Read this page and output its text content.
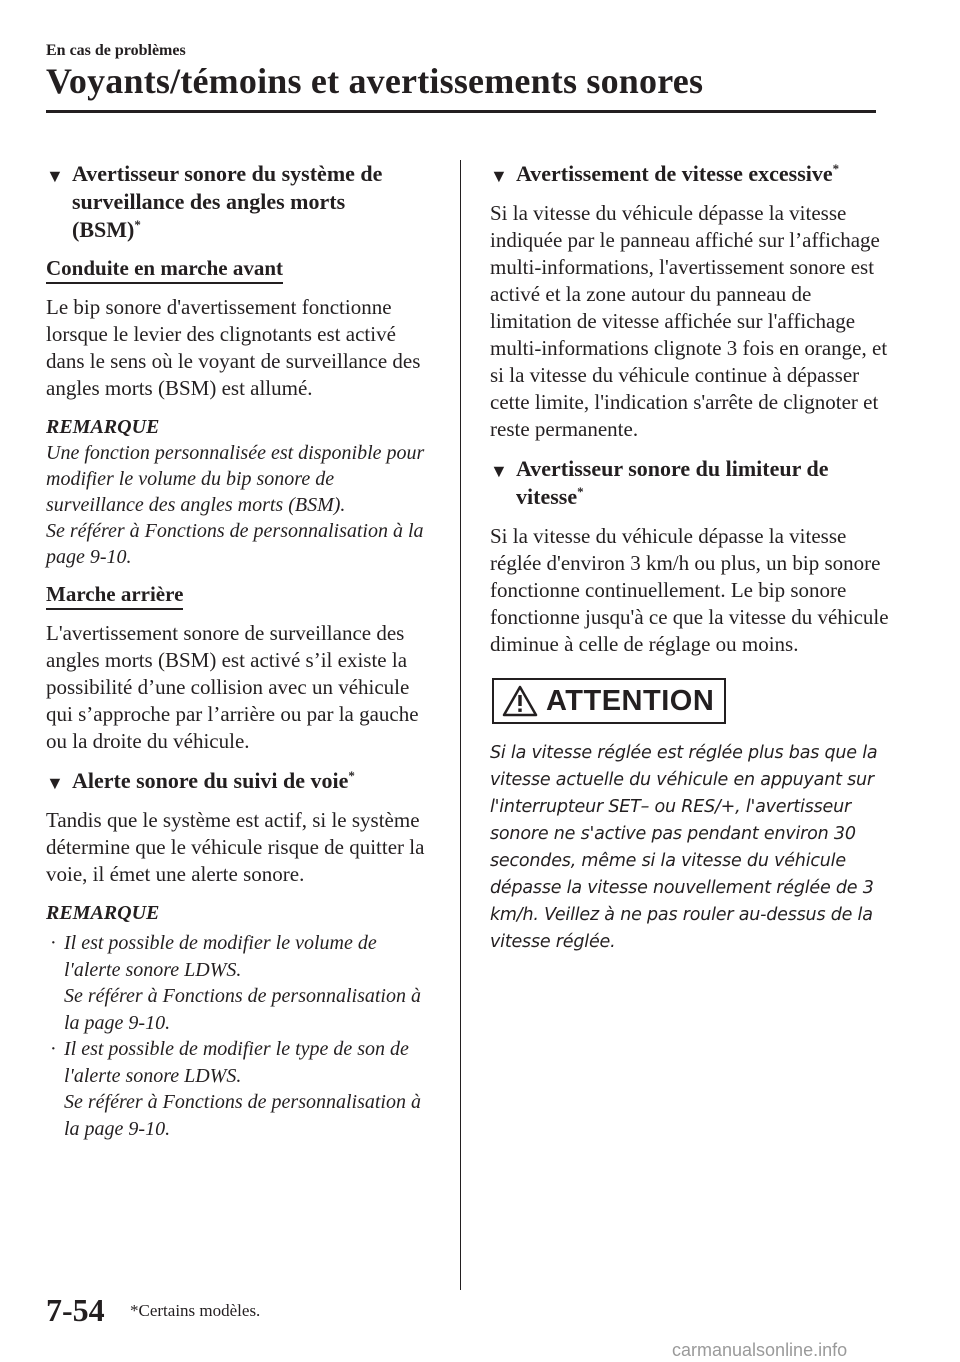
En cas de problèmes
Voyants/témoins et avertissements sonores
▼ Avertisseur sonore du système de
surveillance des angles morts
(BSM)*
Conduite en marche avant

Le bip sonore d'avertissement fonctionne lorsque le levier des clignotants est activé dans le sens où le voyant de surveillance des angles morts (BSM) est allumé.

REMARQUE

Une fonction personnalisée est disponible pour modifier le volume du bip sonore de surveillance des angles morts (BSM).
Se référer à Fonctions de personnalisation à la page 9-10.

Marche arrière

L'avertissement sonore de surveillance des angles morts (BSM) est activé s’il existe la possibilité d’une collision avec un véhicule qui s’approche par l’arrière ou par la gauche ou la droite du véhicule.

▼ Alerte sonore du suivi de voie*

Tandis que le système est actif, si le système détermine que le véhicule risque de quitter la voie, il émet une alerte sonore.

REMARQUE

· Il est possible de modifier le volume de l'alerte sonore LDWS.
Se référer à Fonctions de personnalisation à la page 9-10.
· Il est possible de modifier le type de son de l'alerte sonore LDWS.
Se référer à Fonctions de personnalisation à la page 9-10.
▼ Avertissement de vitesse excessive*

Si la vitesse du véhicule dépasse la vitesse indiquée par le panneau affiché sur l’affichage multi-informations, l'avertissement sonore est activé et la zone autour du panneau de limitation de vitesse affichée sur l'affichage multi-informations clignote 3 fois en orange, et si la vitesse du véhicule continue à dépasser cette limite, l'indication s'arrête de clignoter et reste permanente.

▼ Avertisseur sonore du limiteur de
vitesse*

Si la vitesse du véhicule dépasse la vitesse réglée d'environ 3 km/h ou plus, un bip sonore fonctionne continuellement. Le bip sonore fonctionne jusqu'à ce que la vitesse du véhicule diminue à celle de réglage ou moins.

ATTENTION

Si la vitesse réglée est réglée plus bas que la vitesse actuelle du véhicule en appuyant sur l'interrupteur SET– ou RES/+, l'avertisseur sonore ne s'active pas pendant environ 30 secondes, même si la vitesse du véhicule dépasse la vitesse nouvellement réglée de 3 km/h. Veillez à ne pas rouler au-dessus de la vitesse réglée.

7-54 *Certains modèles.
carmanualsonline.info
